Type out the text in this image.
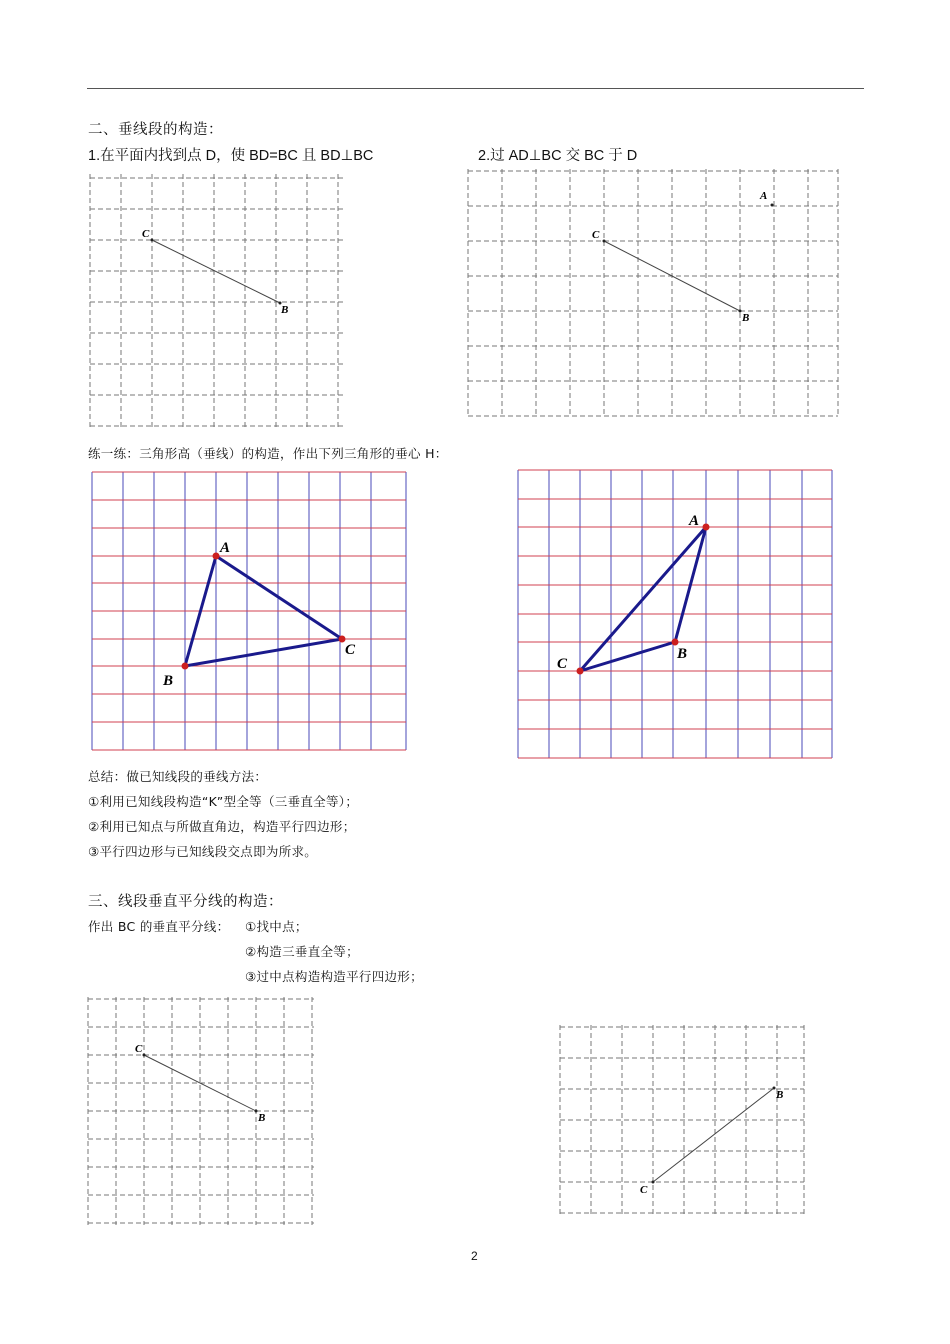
二、垂线段的构造：
1.在平面内找到点 D，使 BD=BC 且 BD⊥BC	2.过 AD⊥BC 交 BC 于 D
C
B
C
B
A
练一练：三角形高（垂线）的构造，作出下列三角形的垂心 H：
A
B
C
A
B
C
总结：做已知线段的垂线方法：
①利用已知线段构造“K”型全等（三垂直全等）；
②利用已知点与所做直角边，构造平行四边形；
③平行四边形与已知线段交点即为所求。
三、线段垂直平分线的构造：
作出 BC 的垂直平分线： ①找中点；
②构造三垂直全等；
③过中点构造构造平行四边形；
C
B
C
B
2
